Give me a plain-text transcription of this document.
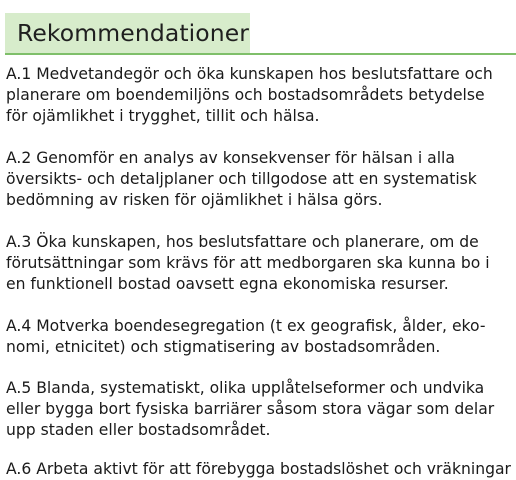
Rekommendationer

A.1 Medvetandegör och öka kunskapen hos beslutsfattare och
planerare om boendemiljöns och bostadsområdets betydelse
för ojämlikhet i trygghet, tillit och hälsa.

A.2 Genomför en analys av konsekvenser för hälsan i alla
översikts- och detaljplaner och tillgodose att en systematisk
bedömning av risken för ojämlikhet i hälsa görs.

A.3 Öka kunskapen, hos beslutsfattare och planerare, om de
förutsättningar som krävs för att medborgaren ska kunna bo i
en funktionell bostad oavsett egna ekonomiska resurser.

A.4 Motverka boendesegregation (t ex geografisk, ålder, eko-
nomi, etnicitet) och stigmatisering av bostadsområden.

A.5 Blanda, systematiskt, olika upplåtelseformer och undvika
eller bygga bort fysiska barriärer såsom stora vägar som delar
upp staden eller bostadsområdet.

A.6 Arbeta aktivt för att förebygga bostadslöshet och vräkningar
